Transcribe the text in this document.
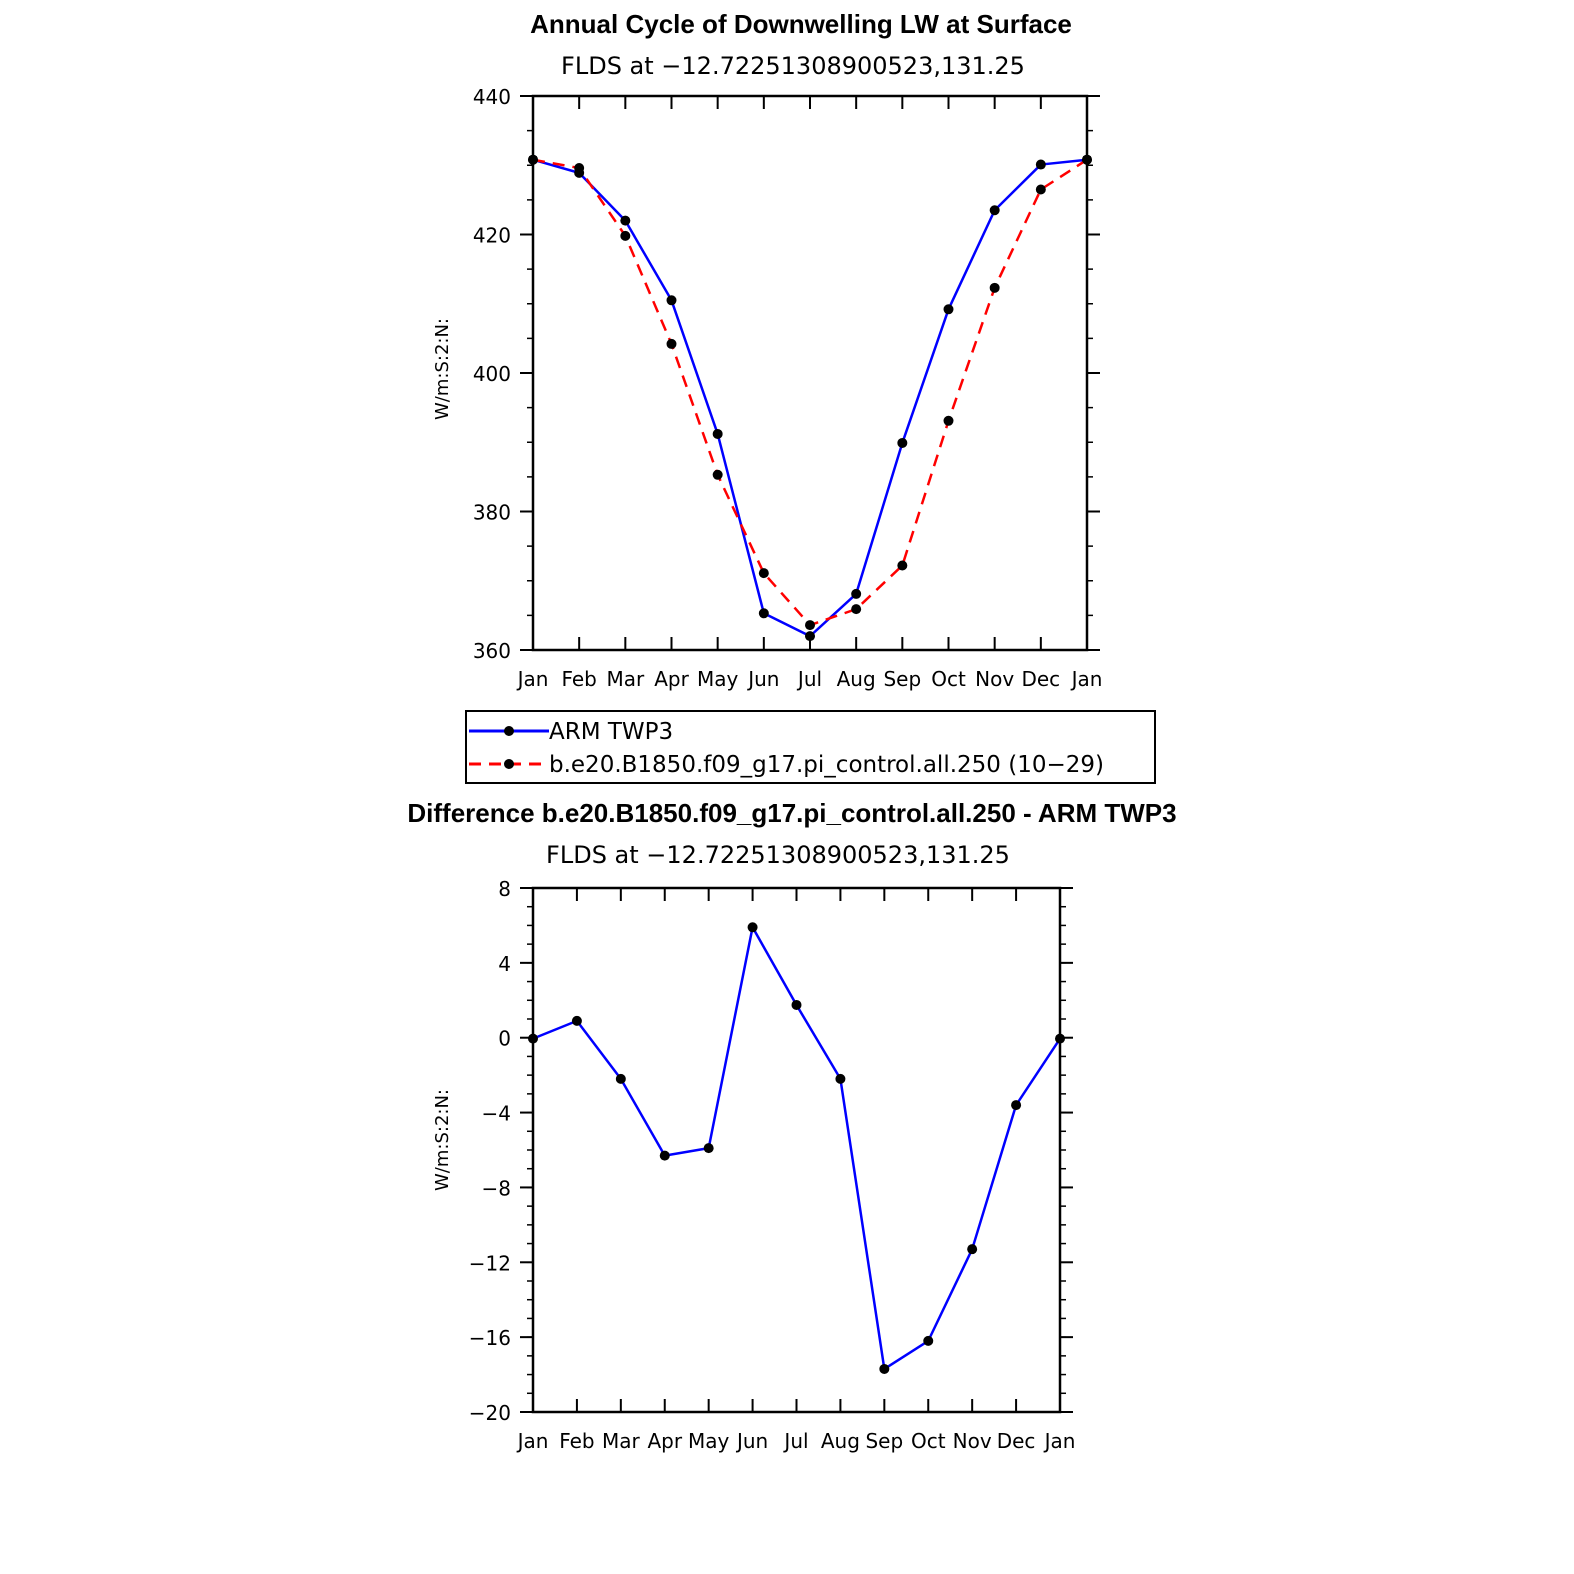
Annual Cycle of Downwelling LW at Surface
FLDS at −12.72251308900523,131.25
W/m:S:2:N:
Jan Feb Mar Apr May Jun Jul Aug Sep Oct Nov Dec Jan
360
380
400
420
440
ARM TWP3
b.e20.B1850.f09_g17.pi_control.all.250 (10−29)
Difference b.e20.B1850.f09_g17.pi_control.all.250 - ARM TWP3
FLDS at −12.72251308900523,131.25
W/m:S:2:N:
Jan Feb Mar Apr May Jun Jul Aug Sep Oct Nov Dec Jan
−20
−16
−12
−8
−4
0
4
8
